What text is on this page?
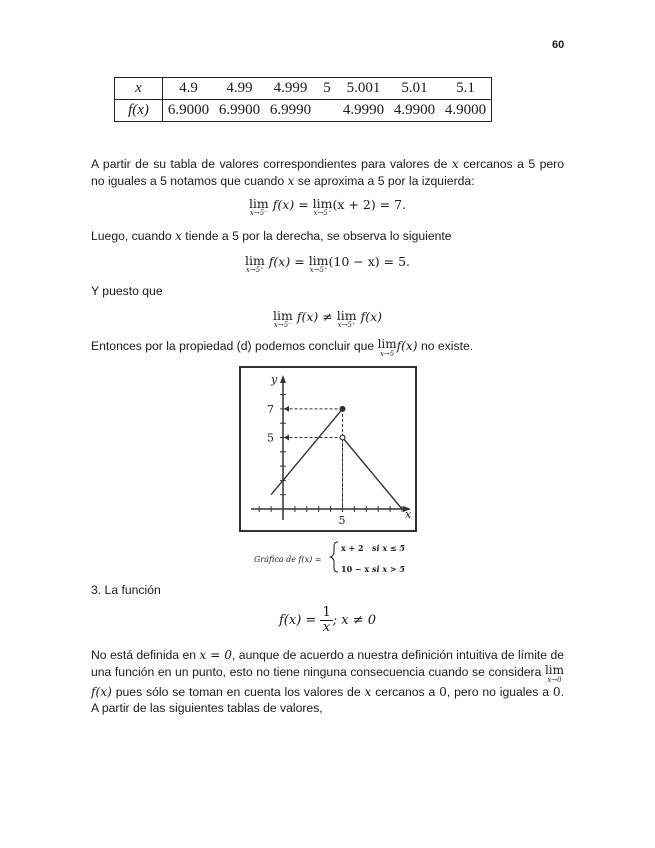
60
x	4.9	4.99	4.999	5	5.001	5.01	5.1
f(x)	6.9000	6.9900	6.9990		4.9990	4.9900	4.9000
A partir de su tabla de valores correspondientes para valores de x cercanos a 5 pero no iguales a 5 notamos que cuando x se aproxima a 5 por la izquierda:
lim
x→5⁻
f(x) = lim
x→5⁻
(x + 2) = 7.
Luego, cuando x tiende a 5 por la derecha, se observa lo siguiente
lim
x→5⁺
f(x) = lim
x→5⁺
(10 − x) = 5.
Y puesto que
lim
x→5⁻
f(x) ≠ lim
x→5⁺
f(x)
Entonces por la propiedad (d) podemos concluir que lim
x→5
f(x) no existe.
y
x
7
5
5
Gráfica de f(x) =
x + 2 si x ≤ 5
10 − x si x > 5
3. La función
$f(x) = \frac{1}{x}$ ; x ≠ 0
No está definida en x = 0, aunque de acuerdo a nuestra definición intuitiva de límite de una función en un punto, esto no tiene ninguna consecuencia cuando se considera lim
x→0
f(x) pues sólo se toman en cuenta los valores de x cercanos a 0, pero no iguales a 0. A partir de las siguientes tablas de valores,
